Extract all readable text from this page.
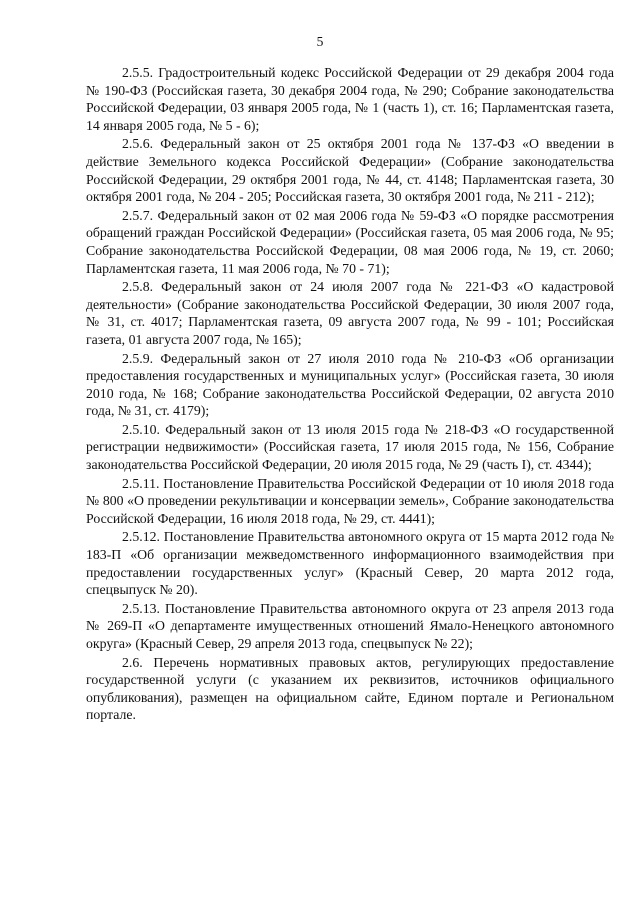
5

2.5.5. Градостроительный кодекс Российской Федерации от 29 декабря 2004 года № 190-ФЗ (Российская газета, 30 декабря 2004 года, № 290; Собрание законодательства Российской Федерации, 03 января 2005 года, № 1 (часть 1), ст. 16; Парламентская газета, 14 января 2005 года, № 5 - 6);

2.5.6. Федеральный закон от 25 октября 2001 года № 137-ФЗ «О введении в действие Земельного кодекса Российской Федерации» (Собрание законодательства Российской Федерации, 29 октября 2001 года, № 44, ст. 4148; Парламентская газета, 30 октября 2001 года, № 204 - 205; Российская газета, 30 октября 2001 года, № 211 - 212);

2.5.7. Федеральный закон от 02 мая 2006 года № 59-ФЗ «О порядке рассмотрения обращений граждан Российской Федерации» (Российская газета, 05 мая 2006 года, № 95; Собрание законодательства Российской Федерации, 08 мая 2006 года, № 19, ст. 2060; Парламентская газета, 11 мая 2006 года, № 70 - 71);

2.5.8. Федеральный закон от 24 июля 2007 года № 221-ФЗ «О кадастровой деятельности» (Собрание законодательства Российской Федерации, 30 июля 2007 года, № 31, ст. 4017; Парламентская газета, 09 августа 2007 года, № 99 - 101; Российская газета, 01 августа 2007 года, № 165);

2.5.9. Федеральный закон от 27 июля 2010 года № 210-ФЗ «Об организации предоставления государственных и муниципальных услуг» (Российская газета, 30 июля 2010 года, № 168; Собрание законодательства Российской Федерации, 02 августа 2010 года, № 31, ст. 4179);

2.5.10. Федеральный закон от 13 июля 2015 года № 218-ФЗ «О государственной регистрации недвижимости» (Российская газета, 17 июля 2015 года, № 156, Собрание законодательства Российской Федерации, 20 июля 2015 года, № 29 (часть I), ст. 4344);

2.5.11. Постановление Правительства Российской Федерации от 10 июля 2018 года № 800 «О проведении рекультивации и консервации земель», Собрание законодательства Российской Федерации, 16 июля 2018 года, № 29, ст. 4441);

2.5.12. Постановление Правительства автономного округа от 15 марта 2012 года № 183-П «Об организации межведомственного информационного взаимодействия при предоставлении государственных услуг» (Красный Север, 20 марта 2012 года, спецвыпуск № 20).

2.5.13. Постановление Правительства автономного округа от 23 апреля 2013 года № 269-П «О департаменте имущественных отношений Ямало-Ненецкого автономного округа» (Красный Север, 29 апреля 2013 года, спецвыпуск № 22);

2.6. Перечень нормативных правовых актов, регулирующих предоставление государственной услуги (с указанием их реквизитов, источников официального опубликования), размещен на официальном сайте, Едином портале и Региональном портале.
